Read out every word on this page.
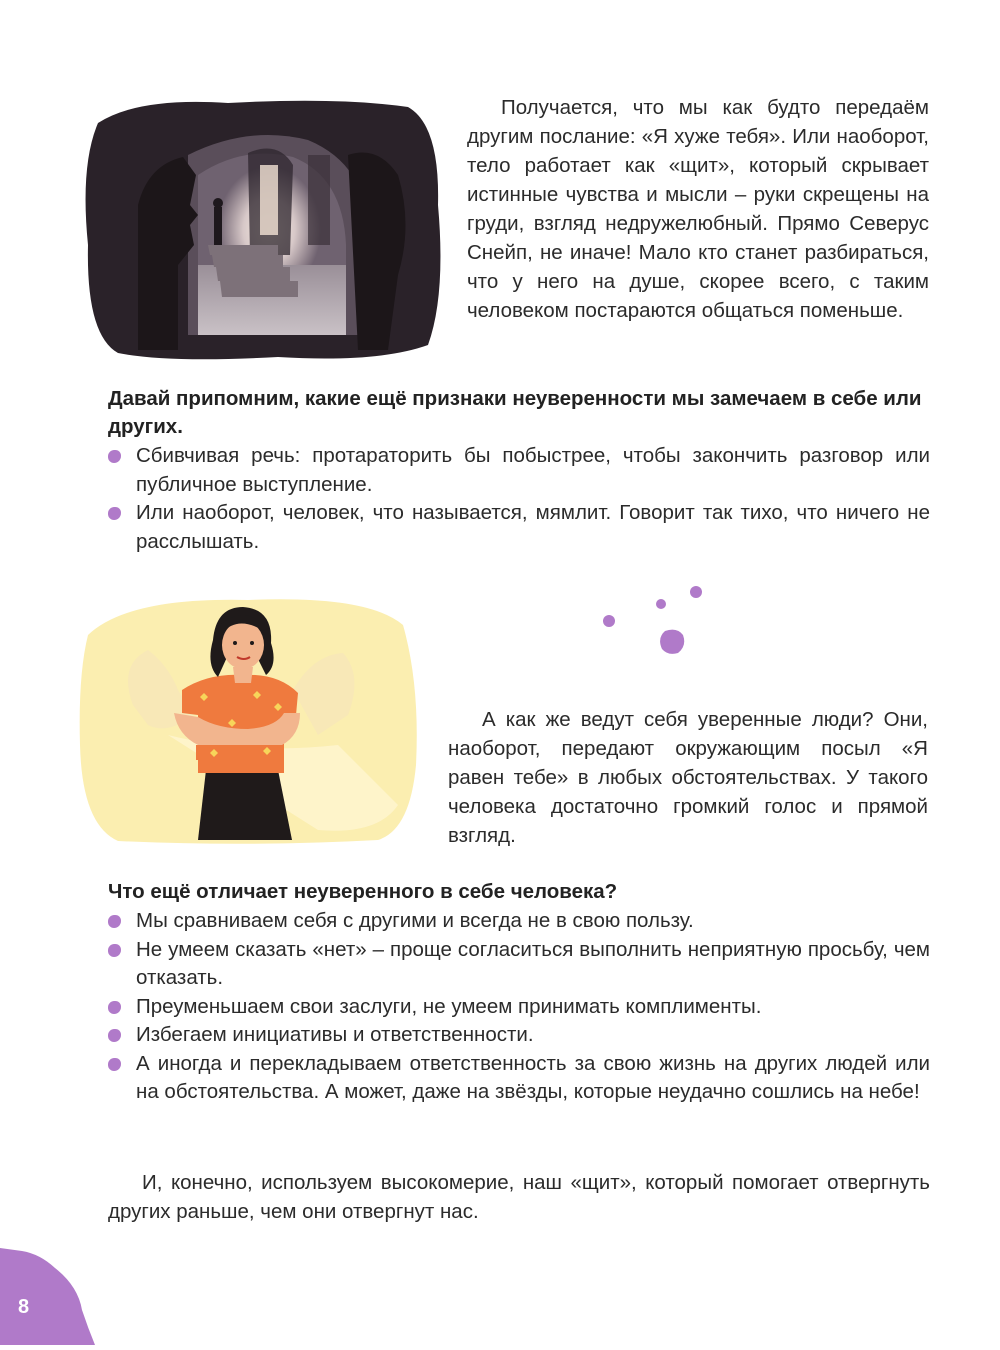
Получается, что мы как будто передаём другим послание: «Я хуже тебя». Или наоборот, тело работает как «щит», который скрывает истинные чувства и мысли – руки скрещены на груди, взгляд недружелюбный. Прямо Северус Снейп, не иначе! Мало кто станет разбираться, что у него на душе, скорее всего, с таким человеком постараются общаться поменьше.

Давай припомним, какие ещё признаки неуверенности мы замечаем в себе или других.

Сбивчивая речь: протараторить бы побыстрее, чтобы закончить разговор или публичное выступление.
Или наоборот, человек, что называется, мямлит. Говорит так тихо, что ничего не расслышать.

А как же ведут себя уверенные люди? Они, наоборот, передают окружающим посыл «Я равен тебе» в любых обстоятельствах. У такого человека достаточно громкий голос и прямой взгляд.

Что ещё отличает неуверенного в себе человека?

Мы сравниваем себя с другими и всегда не в свою пользу.
Не умеем сказать «нет» – проще согласиться выполнить неприятную просьбу, чем отказать.
Преуменьшаем свои заслуги, не умеем принимать комплименты.
Избегаем инициативы и ответственности.
А иногда и перекладываем ответственность за свою жизнь на других людей или на обстоятельства. А может, даже на звёзды, которые неудачно сошлись на небе!

И, конечно, используем высокомерие, наш «щит», который помогает отвергнуть других раньше, чем они отвергнут нас.

8
